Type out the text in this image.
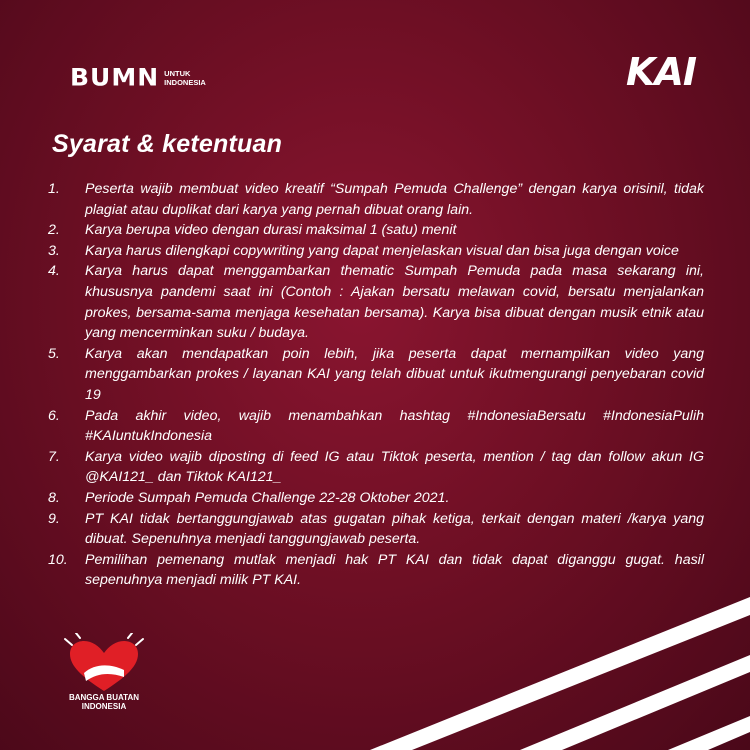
BUMN UNTUK
INDONESIA	KAI
Syarat & ketentuan
1.	Peserta wajib membuat video kreatif “Sumpah Pemuda Challenge” dengan karya orisinil, tidak plagiat atau duplikat dari karya yang pernah dibuat orang lain.
2.	Karya berupa video dengan durasi maksimal 1 (satu) menit
3.	Karya harus dilengkapi copywriting yang dapat menjelaskan visual dan bisa juga dengan voice
4.	Karya harus dapat menggambarkan thematic Sumpah Pemuda pada masa sekarang ini, khususnya pandemi saat ini (Contoh : Ajakan bersatu melawan covid, bersatu menjalankan prokes, bersama-sama menjaga kesehatan bersama). Karya bisa dibuat dengan musik etnik atau yang mencerminkan suku / budaya.
5.	Karya akan mendapatkan poin lebih, jika peserta dapat mernampilkan video yang menggambarkan prokes / layanan KAI yang telah dibuat untuk ikutmengurangi penyebaran covid 19
6.	Pada akhir video, wajib menambahkan hashtag #IndonesiaBersatu #IndonesiaPulih #KAIuntukIndonesia
7.	Karya video wajib diposting di feed IG atau Tiktok peserta, mention / tag dan follow akun IG @KAI121_ dan Tiktok KAI121_
8.	Periode Sumpah Pemuda Challenge 22-28 Oktober 2021.
9.	PT KAI tidak bertanggungjawab atas gugatan pihak ketiga, terkait dengan materi /karya yang dibuat. Sepenuhnya menjadi tanggungjawab peserta.
10.	Pemilihan pemenang mutlak menjadi hak PT KAI dan tidak dapat diganggu gugat. hasil sepenuhnya menjadi milik PT KAI.
BANGGA BUATAN
INDONESIA
